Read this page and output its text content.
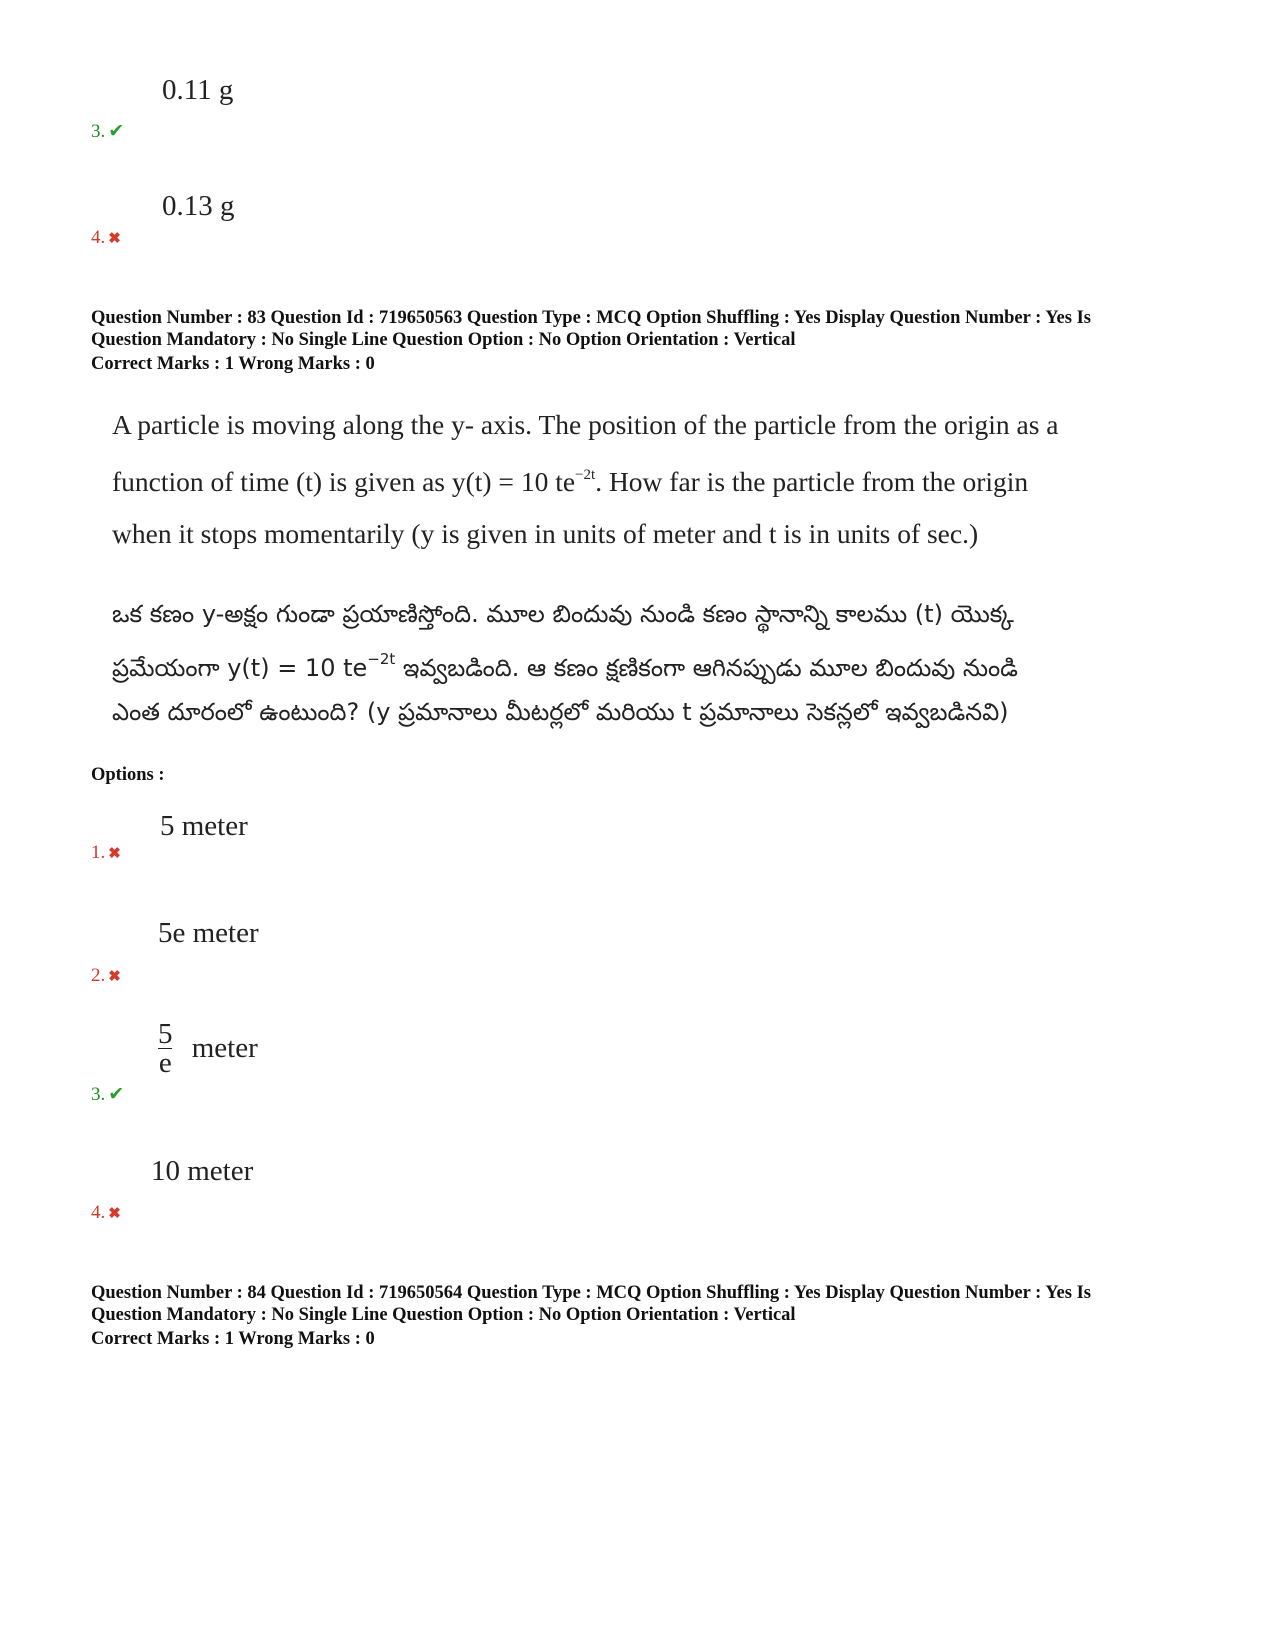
0.11 g
3. ✔
0.13 g
4. ✖
Question Number : 83 Question Id : 719650563 Question Type : MCQ Option Shuffling : Yes Display Question Number : Yes Is
Question Mandatory : No Single Line Question Option : No Option Orientation : Vertical
Correct Marks : 1 Wrong Marks : 0
A particle is moving along the y- axis. The position of the particle from the origin as a
function of time (t) is given as y(t) = 10 $te^{-2t}$. How far is the particle from the origin
when it stops momentarily (y is given in units of meter and t is in units of sec.)
ఒక కణం y-అక్షం గుండా ప్రయాణిస్తోంది. మూల బిందువు నుండి కణం స్థానాన్ని కాలము (t) యొక్క
ప్రమేయంగా y(t) = 10 $te^{-2t}$ ఇవ్వబడింది. ఆ కణం క్షణికంగా ఆగినప్పుడు మూల బిందువు నుండి
ఎంత దూరంలో ఉంటుంది? (y ప్రమానాలు మీటర్లలో మరియు t ప్రమానాలు సెకన్లలో ఇవ్వబడినవి)
Options :
5 meter
1. ✖
5e meter
2. ✖
$\frac{5}{e}$ meter
3. ✔
10 meter
4. ✖
Question Number : 84 Question Id : 719650564 Question Type : MCQ Option Shuffling : Yes Display Question Number : Yes Is
Question Mandatory : No Single Line Question Option : No Option Orientation : Vertical
Correct Marks : 1 Wrong Marks : 0
